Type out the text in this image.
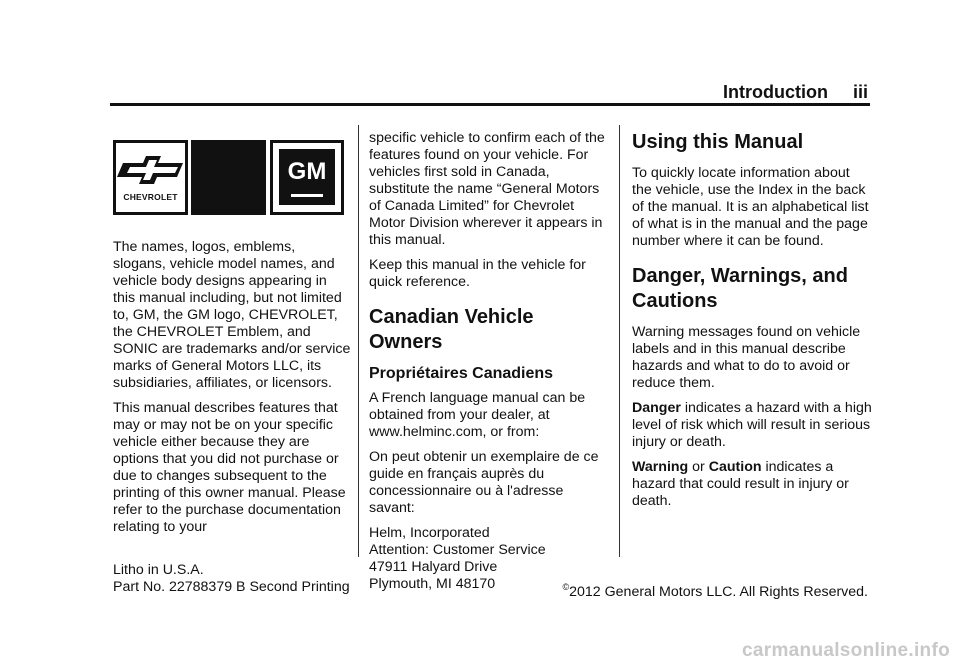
Introduction iii
CHEVROLET
GM

The names, logos, emblems, slogans, vehicle model names, and vehicle body designs appearing in this manual including, but not limited to, GM, the GM logo, CHEVROLET, the CHEVROLET Emblem, and SONIC are trademarks and/or service marks of General Motors LLC, its subsidiaries, affiliates, or licensors.

This manual describes features that may or may not be on your specific vehicle either because they are options that you did not purchase or due to changes subsequent to the printing of this owner manual. Please refer to the purchase documentation relating to your

specific vehicle to confirm each of the features found on your vehicle. For vehicles first sold in Canada, substitute the name “General Motors of Canada Limited” for Chevrolet Motor Division wherever it appears in this manual.

Keep this manual in the vehicle for quick reference.

Canadian Vehicle Owners
Propriétaires Canadiens

A French language manual can be obtained from your dealer, at www.helminc.com, or from:

On peut obtenir un exemplaire de ce guide en français auprès du concessionnaire ou à l'adresse savant:

Helm, Incorporated
Attention: Customer Service
47911 Halyard Drive
Plymouth, MI 48170

Using this Manual

To quickly locate information about the vehicle, use the Index in the back of the manual. It is an alphabetical list of what is in the manual and the page number where it can be found.

Danger, Warnings, and Cautions

Warning messages found on vehicle labels and in this manual describe hazards and what to do to avoid or reduce them.

Danger indicates a hazard with a high level of risk which will result in serious injury or death.

Warning or Caution indicates a hazard that could result in injury or death.

Litho in U.S.A.
Part No. 22788379 B Second Printing	©2012 General Motors LLC. All Rights Reserved.
carmanualsonline.info
